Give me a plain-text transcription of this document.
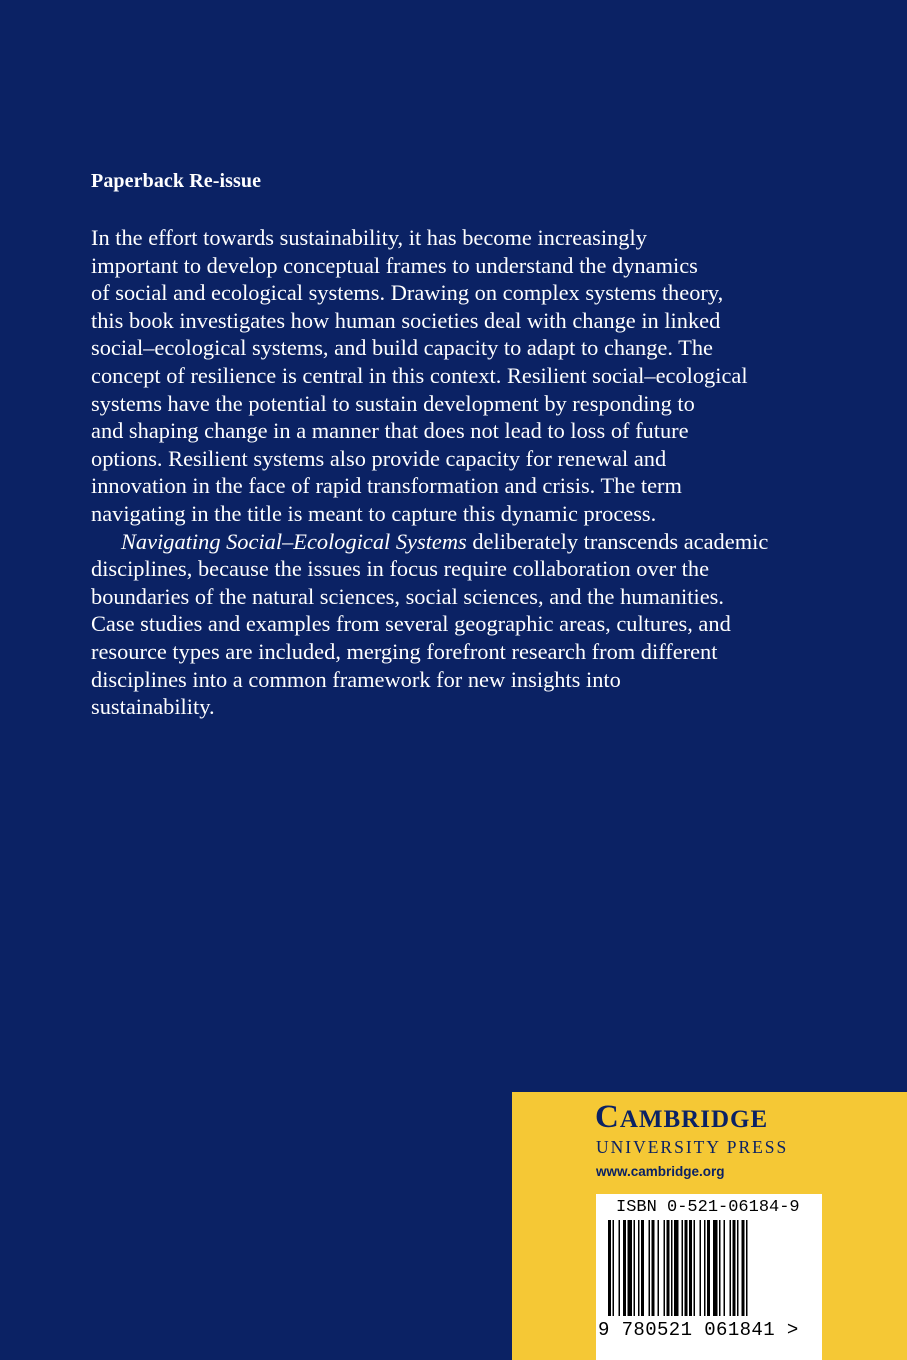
Paperback Re-issue

In the effort towards sustainability, it has become increasingly
important to develop conceptual frames to understand the dynamics
of social and ecological systems. Drawing on complex systems theory,
this book investigates how human societies deal with change in linked
social–ecological systems, and build capacity to adapt to change. The
concept of resilience is central in this context. Resilient social–ecological
systems have the potential to sustain development by responding to
and shaping change in a manner that does not lead to loss of future
options. Resilient systems also provide capacity for renewal and
innovation in the face of rapid transformation and crisis. The term
navigating in the title is meant to capture this dynamic process.

Navigating Social–Ecological Systems deliberately transcends academic
disciplines, because the issues in focus require collaboration over the
boundaries of the natural sciences, social sciences, and the humanities.
Case studies and examples from several geographic areas, cultures, and
resource types are included, merging forefront research from different
disciplines into a common framework for new insights into
sustainability.

CAMBRIDGE

UNIVERSITY PRESS

www.cambridge.org

ISBN 0-521-06184-9

9 780521 061841 >
